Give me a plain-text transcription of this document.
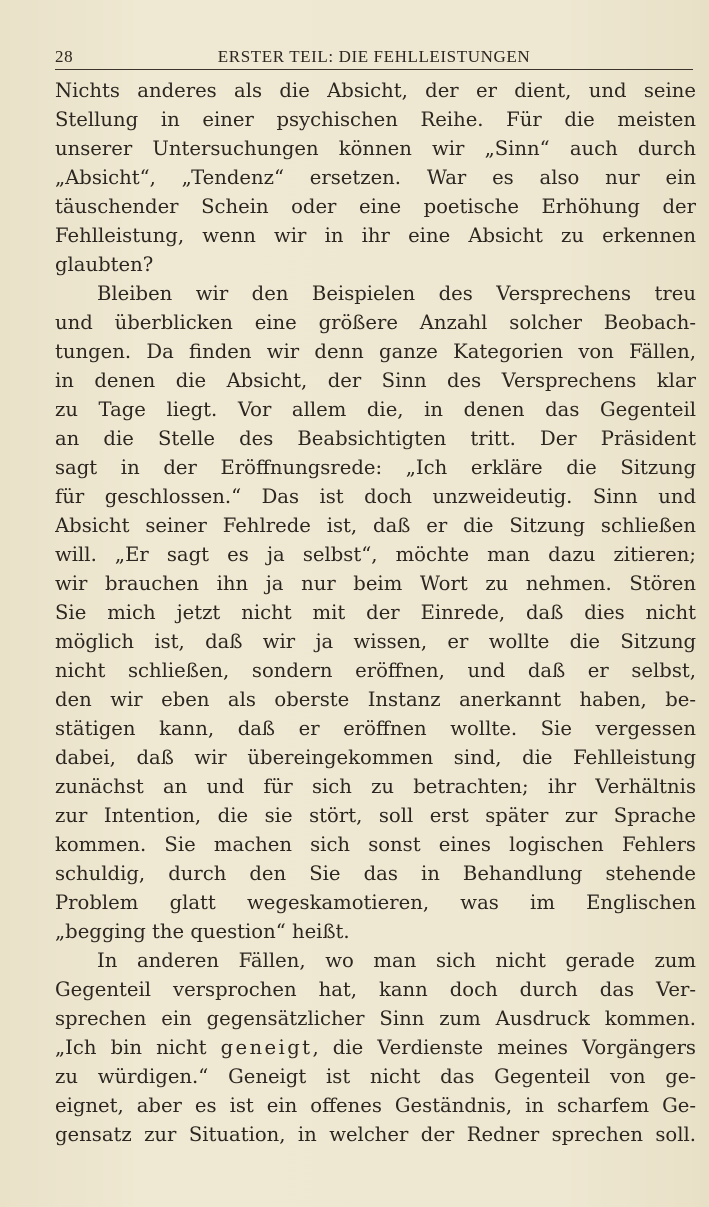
28	ERSTER TEIL: DIE FEHLLEISTUNGEN
Nichts anderes als die Absicht, der er dient, und seine
Stellung in einer psychischen Reihe. Für die meisten
unserer Untersuchungen können wir „Sinn“ auch durch
„Absicht“, „Tendenz“ ersetzen. War es also nur ein
täuschender Schein oder eine poetische Erhöhung der
Fehlleistung, wenn wir in ihr eine Absicht zu erkennen
glaubten?
Bleiben wir den Beispielen des Versprechens treu
und überblicken eine größere Anzahl solcher Beobach-
tungen. Da finden wir denn ganze Kategorien von Fällen,
in denen die Absicht, der Sinn des Versprechens klar
zu Tage liegt. Vor allem die, in denen das Gegenteil
an die Stelle des Beabsichtigten tritt. Der Präsident
sagt in der Eröffnungsrede: „Ich erkläre die Sitzung
für geschlossen.“ Das ist doch unzweideutig. Sinn und
Absicht seiner Fehlrede ist, daß er die Sitzung schließen
will. „Er sagt es ja selbst“, möchte man dazu zitieren;
wir brauchen ihn ja nur beim Wort zu nehmen. Stören
Sie mich jetzt nicht mit der Einrede, daß dies nicht
möglich ist, daß wir ja wissen, er wollte die Sitzung
nicht schließen, sondern eröffnen, und daß er selbst,
den wir eben als oberste Instanz anerkannt haben, be-
stätigen kann, daß er eröffnen wollte. Sie vergessen
dabei, daß wir übereingekommen sind, die Fehlleistung
zunächst an und für sich zu betrachten; ihr Verhältnis
zur Intention, die sie stört, soll erst später zur Sprache
kommen. Sie machen sich sonst eines logischen Fehlers
schuldig, durch den Sie das in Behandlung stehende
Problem glatt wegeskamotieren, was im Englischen
„begging the question“ heißt.
In anderen Fällen, wo man sich nicht gerade zum
Gegenteil versprochen hat, kann doch durch das Ver-
sprechen ein gegensätzlicher Sinn zum Ausdruck kommen.
„Ich bin nicht geneigt, die Verdienste meines Vorgängers
zu würdigen.“ Geneigt ist nicht das Gegenteil von ge-
eignet, aber es ist ein offenes Geständnis, in scharfem Ge-
gensatz zur Situation, in welcher der Redner sprechen soll.
